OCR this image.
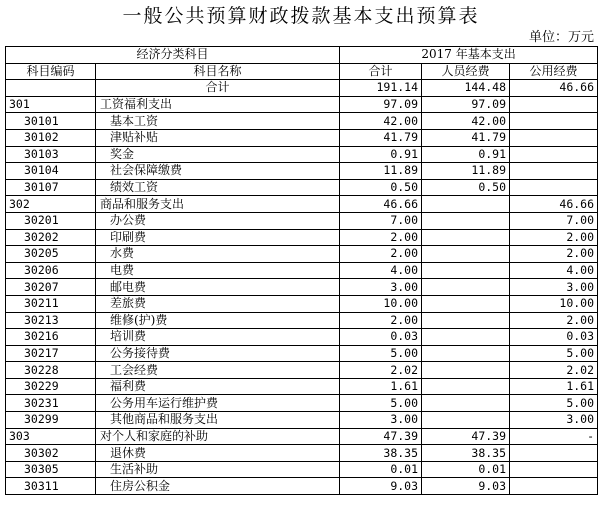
一般公共预算财政拨款基本支出预算表
单位：万元
经济分类科目		2017 年基本支出		
科目编码	科目名称	合计	人员经费	公用经费
	合计	191.14	144.48	46.66
301	工资福利支出	97.09	97.09	
30101	基本工资	42.00	42.00	
30102	津贴补贴	41.79	41.79	
30103	奖金	0.91	0.91	
30104	社会保障缴费	11.89	11.89	
30107	绩效工资	0.50	0.50	
302	商品和服务支出	46.66		46.66
30201	办公费	7.00		7.00
30202	印刷费	2.00		2.00
30205	水费	2.00		2.00
30206	电费	4.00		4.00
30207	邮电费	3.00		3.00
30211	差旅费	10.00		10.00
30213	维修(护)费	2.00		2.00
30216	培训费	0.03		0.03
30217	公务接待费	5.00		5.00
30228	工会经费	2.02		2.02
30229	福利费	1.61		1.61
30231	公务用车运行维护费	5.00		5.00
30299	其他商品和服务支出	3.00		3.00
303	对个人和家庭的补助	47.39	47.39	-
30302	退休费	38.35	38.35	
30305	生活补助	0.01	0.01	
30311	住房公积金	9.03	9.03	
